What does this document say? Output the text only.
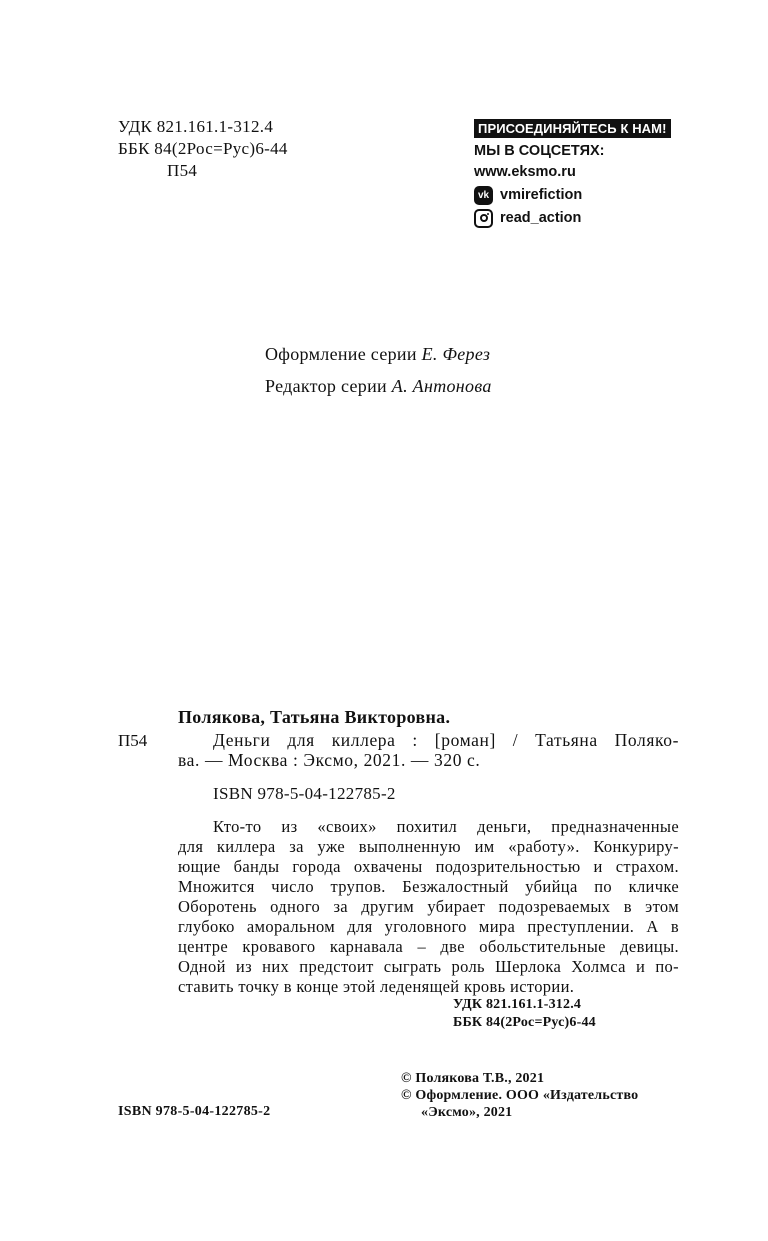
УДК 821.161.1-312.4
ББК 84(2Рос=Рус)6-44
П54
ПРИСОЕДИНЯЙТЕСЬ К НАМ!
МЫ В СОЦСЕТЯХ:
www.eksmo.ru
vk vmirefiction
read_action
Оформление серии Е. Ферез
Редактор серии А. Антонова
Полякова, Татьяна Викторовна.
П54	Деньги для киллера : [роман] / Татьяна Поляко-
ва. — Москва : Эксмо, 2021. — 320 с.
ISBN 978-5-04-122785-2
Кто-то из «своих» похитил деньги, предназначенные
для киллера за уже выполненную им «работу». Конкуриру-
ющие банды города охвачены подозрительностью и страхом.
Множится число трупов. Безжалостный убийца по кличке
Оборотень одного за другим убирает подозреваемых в этом
глубоко аморальном для уголовного мира преступлении. А в
центре кровавого карнавала – две обольстительные девицы.
Одной из них предстоит сыграть роль Шерлока Холмса и по-
ставить точку в конце этой леденящей кровь истории.
УДК 821.161.1-312.4
ББК 84(2Рос=Рус)6-44
© Полякова Т.В., 2021
© Оформление. ООО «Издательство
«Эксмо», 2021
ISBN 978-5-04-122785-2
